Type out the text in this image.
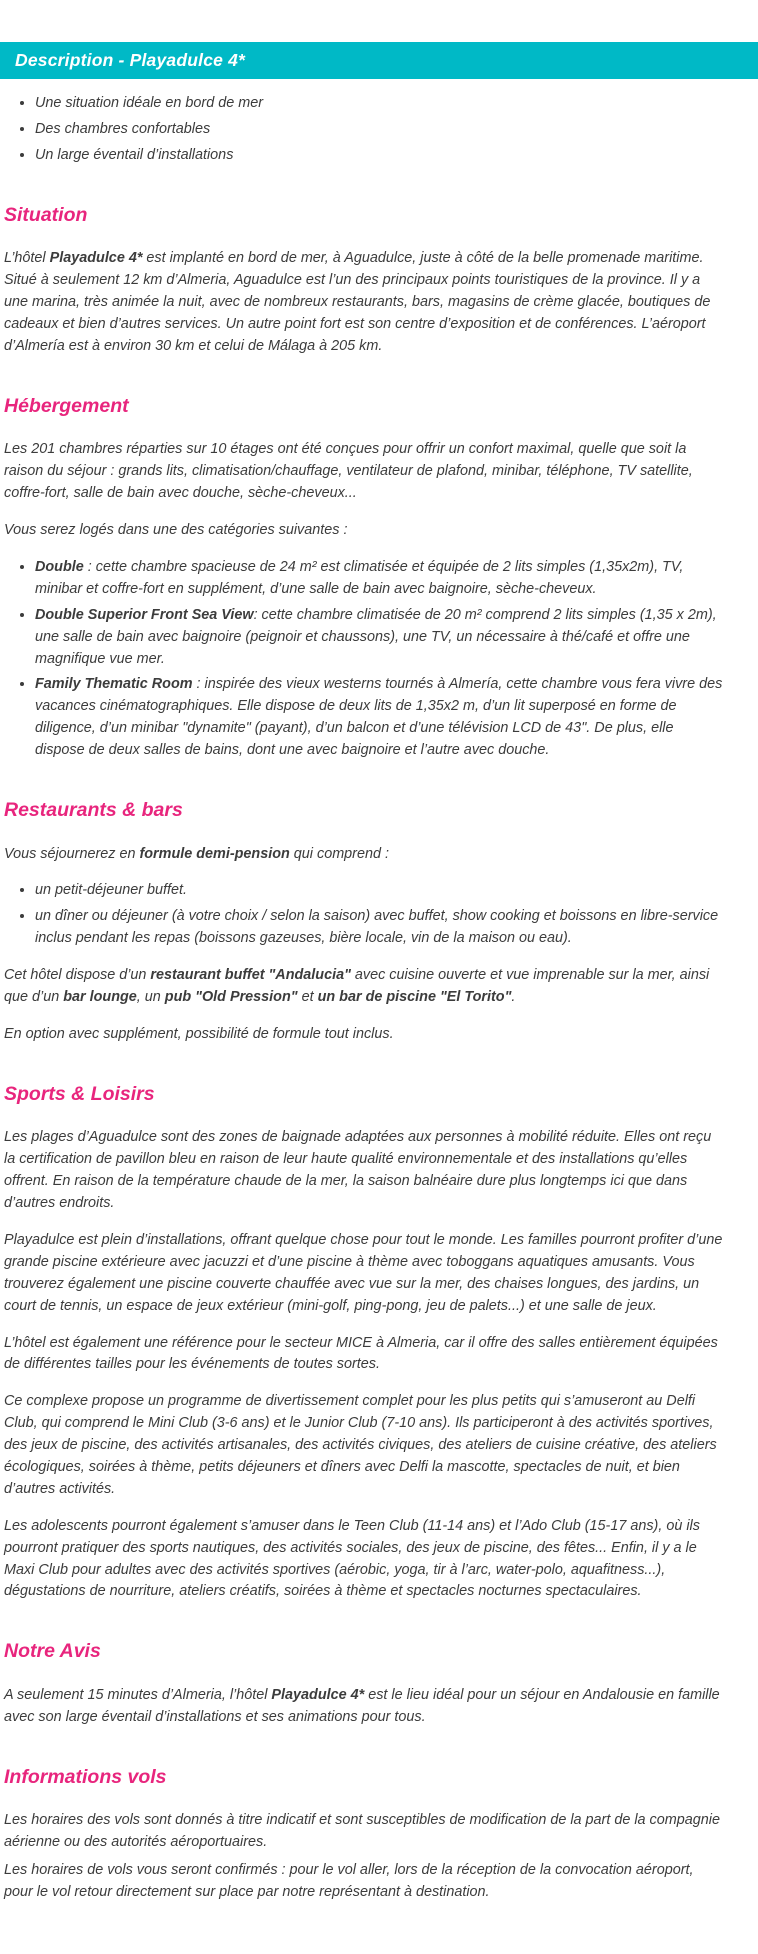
Description - Playadulce 4*
• Une situation idéale en bord de mer
• Des chambres confortables
• Un large éventail d’installations
Situation

L’hôtel Playadulce 4* est implanté en bord de mer, à Aguadulce, juste à côté de la belle promenade maritime. Situé à seulement 12 km d’Almeria, Aguadulce est l’un des principaux points touristiques de la province. Il y a une marina, très animée la nuit, avec de nombreux restaurants, bars, magasins de crème glacée, boutiques de cadeaux et bien d’autres services. Un autre point fort est son centre d’exposition et de conférences. L’aéroport d’Almería est à environ 30 km et celui de Málaga à 205 km.

Hébergement

Les 201 chambres réparties sur 10 étages ont été conçues pour offrir un confort maximal, quelle que soit la raison du séjour : grands lits, climatisation/chauffage, ventilateur de plafond, minibar, téléphone, TV satellite, coffre-fort, salle de bain avec douche, sèche-cheveux...

Vous serez logés dans une des catégories suivantes :

• Double : cette chambre spacieuse de 24 m² est climatisée et équipée de 2 lits simples (1,35x2m), TV, minibar et coffre-fort en supplément, d’une salle de bain avec baignoire, sèche-cheveux.
• Double Superior Front Sea View: cette chambre climatisée de 20 m² comprend 2 lits simples (1,35 x 2m), une salle de bain avec baignoire (peignoir et chaussons), une TV, un nécessaire à thé/café et offre une magnifique vue mer.
• Family Thematic Room : inspirée des vieux westerns tournés à Almería, cette chambre vous fera vivre des vacances cinématographiques. Elle dispose de deux lits de 1,35x2 m, d’un lit superposé en forme de diligence, d’un minibar "dynamite" (payant), d’un balcon et d’une télévision LCD de 43". De plus, elle dispose de deux salles de bains, dont une avec baignoire et l’autre avec douche.
Restaurants & bars

Vous séjournerez en formule demi-pension qui comprend :

• un petit-déjeuner buffet.
• un dîner ou déjeuner (à votre choix / selon la saison) avec buffet, show cooking et boissons en libre-service inclus pendant les repas (boissons gazeuses, bière locale, vin de la maison ou eau).

Cet hôtel dispose d’un restaurant buffet "Andalucia" avec cuisine ouverte et vue imprenable sur la mer, ainsi que d’un bar lounge, un pub "Old Pression" et un bar de piscine "El Torito".

En option avec supplément, possibilité de formule tout inclus.

Sports & Loisirs

Les plages d’Aguadulce sont des zones de baignade adaptées aux personnes à mobilité réduite. Elles ont reçu la certification de pavillon bleu en raison de leur haute qualité environnementale et des installations qu’elles offrent. En raison de la température chaude de la mer, la saison balnéaire dure plus longtemps ici que dans d’autres endroits.

Playadulce est plein d’installations, offrant quelque chose pour tout le monde. Les familles pourront profiter d’une grande piscine extérieure avec jacuzzi et d’une piscine à thème avec toboggans aquatiques amusants. Vous trouverez également une piscine couverte chauffée avec vue sur la mer, des chaises longues, des jardins, un court de tennis, un espace de jeux extérieur (mini-golf, ping-pong, jeu de palets...) et une salle de jeux.

L’hôtel est également une référence pour le secteur MICE à Almeria, car il offre des salles entièrement équipées de différentes tailles pour les événements de toutes sortes.

Ce complexe propose un programme de divertissement complet pour les plus petits qui s’amuseront au Delfi Club, qui comprend le Mini Club (3-6 ans) et le Junior Club (7-10 ans). Ils participeront à des activités sportives, des jeux de piscine, des activités artisanales, des activités civiques, des ateliers de cuisine créative, des ateliers écologiques, soirées à thème, petits déjeuners et dîners avec Delfi la mascotte, spectacles de nuit, et bien d’autres activités.

Les adolescents pourront également s’amuser dans le Teen Club (11-14 ans) et l’Ado Club (15-17 ans), où ils pourront pratiquer des sports nautiques, des activités sociales, des jeux de piscine, des fêtes... Enfin, il y a le Maxi Club pour adultes avec des activités sportives (aérobic, yoga, tir à l’arc, water-polo, aquafitness...), dégustations de nourriture, ateliers créatifs, soirées à thème et spectacles nocturnes spectaculaires.

Notre Avis

A seulement 15 minutes d’Almeria, l’hôtel Playadulce 4* est le lieu idéal pour un séjour en Andalousie en famille avec son large éventail d’installations et ses animations pour tous.

Informations vols

Les horaires des vols sont donnés à titre indicatif et sont susceptibles de modification de la part de la compagnie aérienne ou des autorités aéroportuaires.

Les horaires de vols vous seront confirmés : pour le vol aller, lors de la réception de la convocation aéroport, pour le vol retour directement sur place par notre représentant à destination.
